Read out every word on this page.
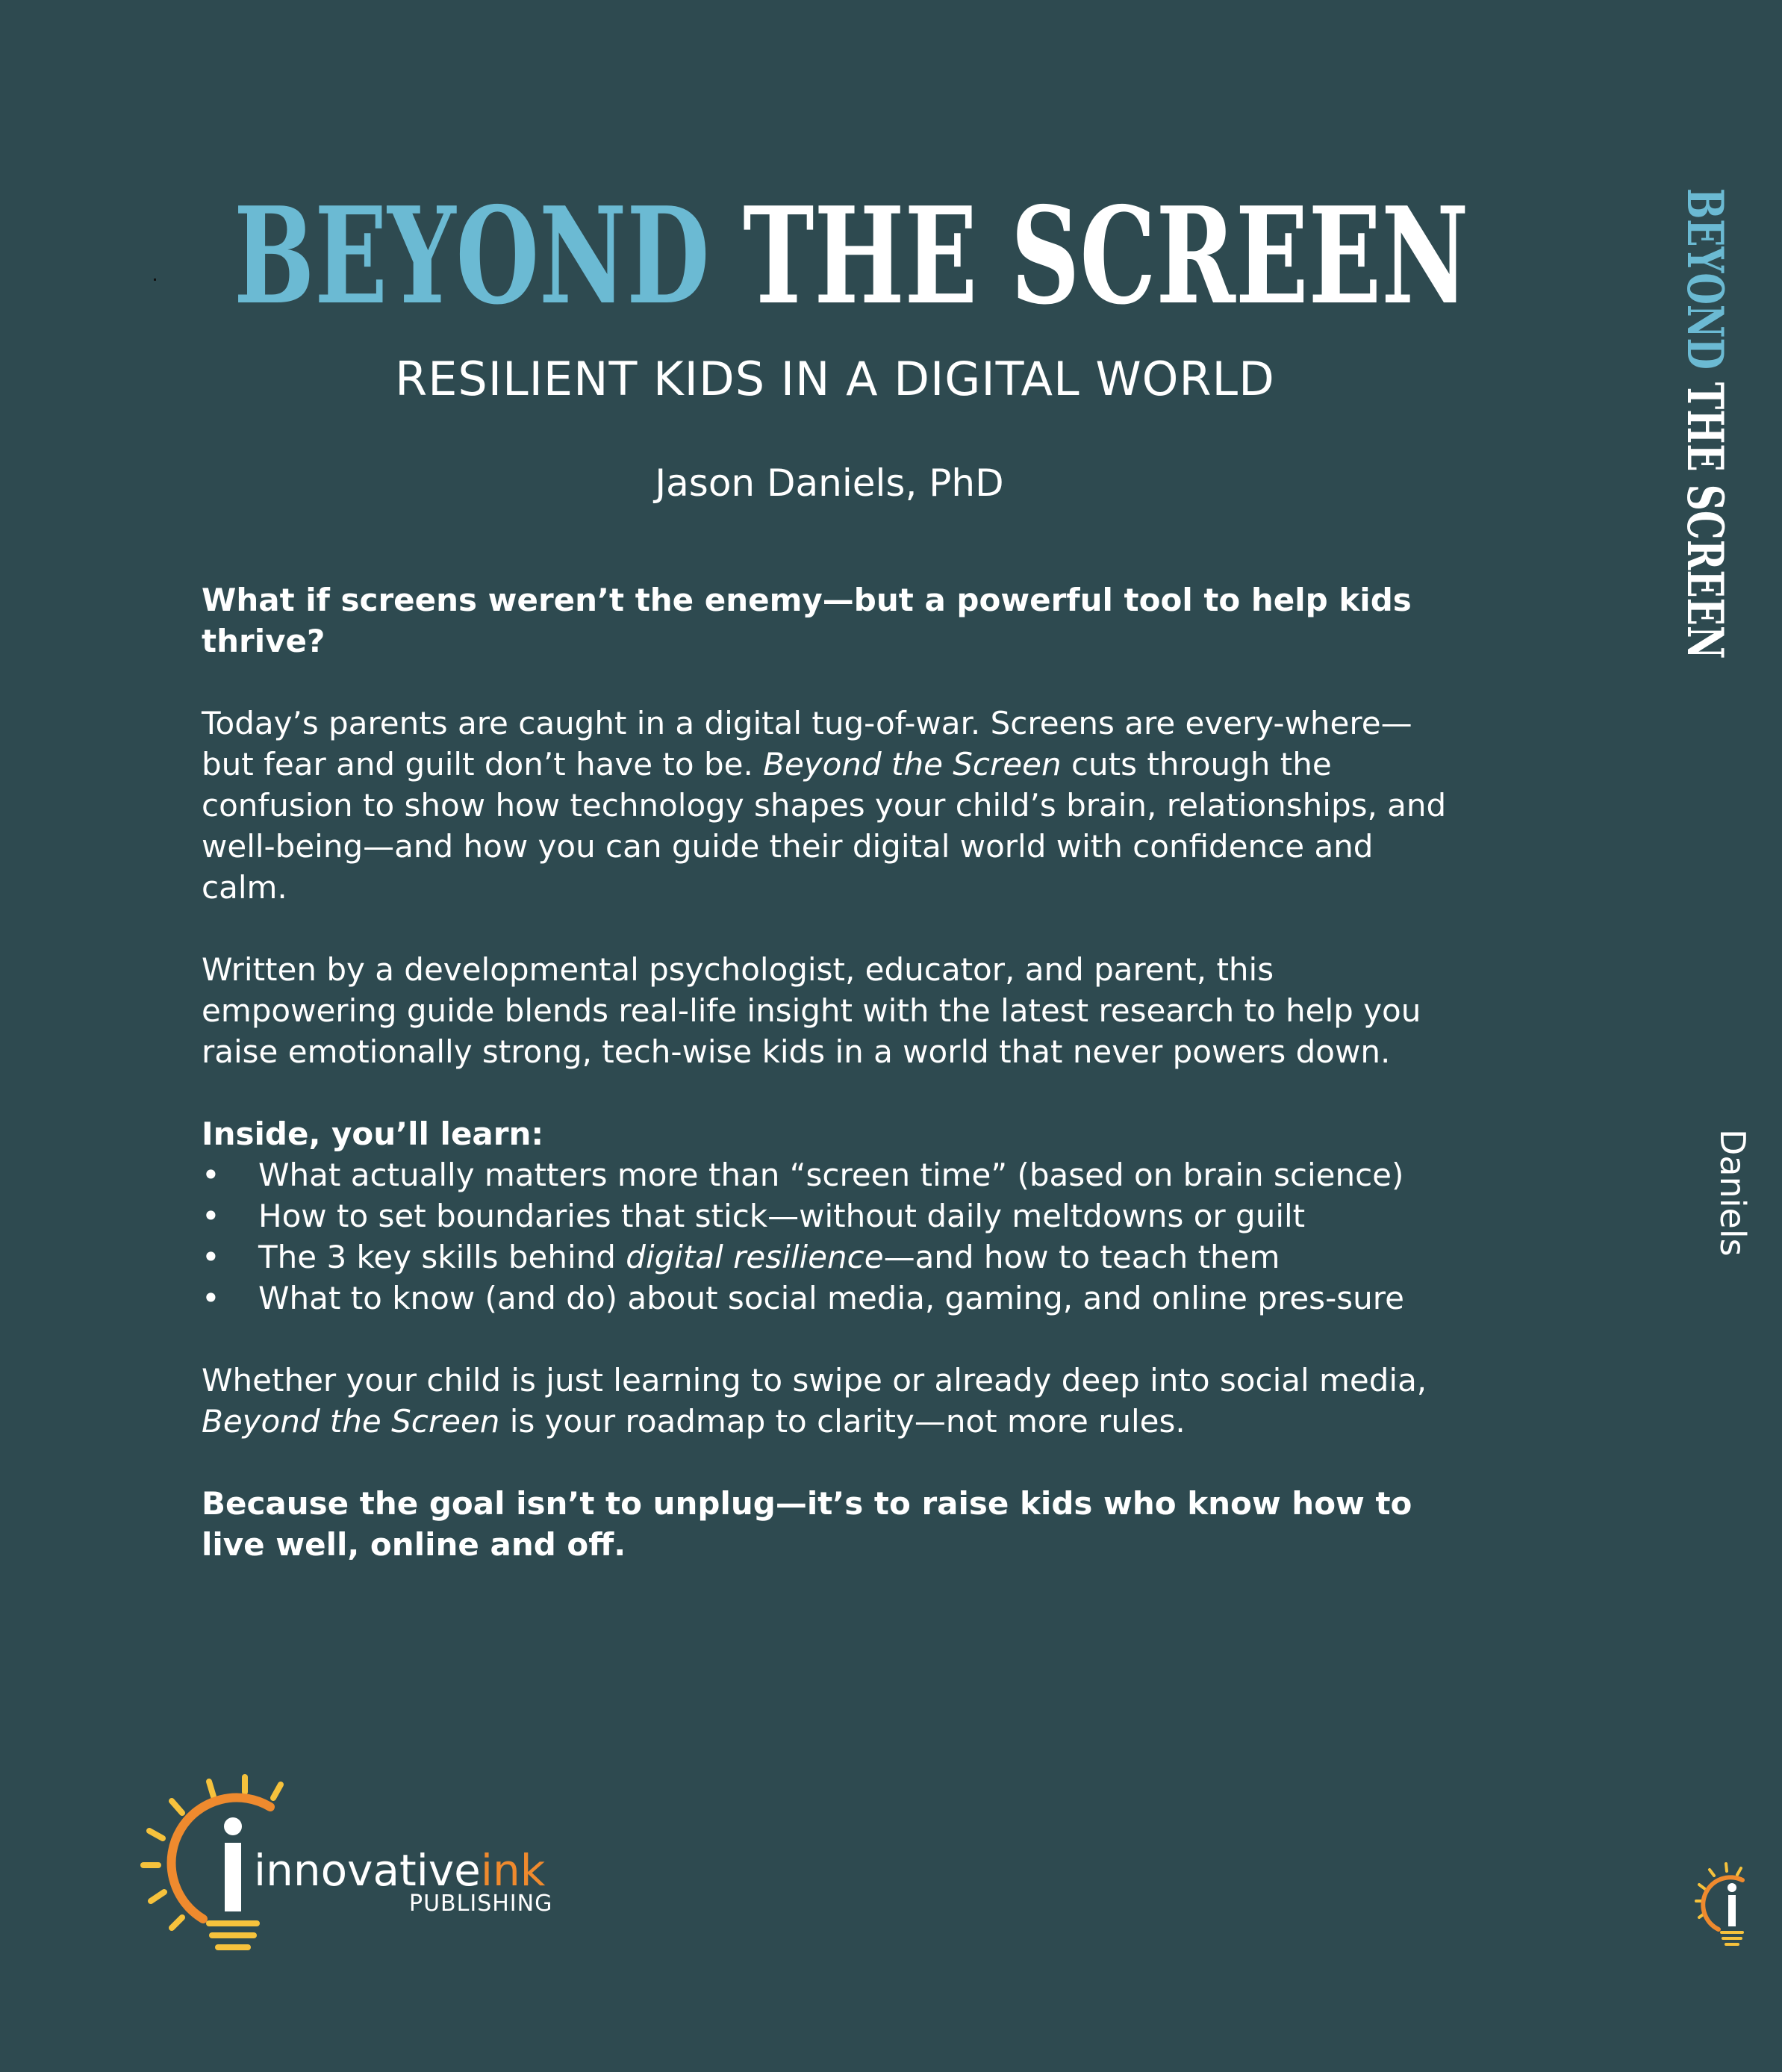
BEYOND THE SCREEN
RESILIENT KIDS IN A DIGITAL WORLD
Jason Daniels, PhD

What if screens weren’t the enemy—but a powerful tool to help kids thrive?

Today’s parents are caught in a digital tug-of-war. Screens are every-where—but fear and guilt don’t have to be. Beyond the Screen cuts through the confusion to show how technology shapes your child’s brain, relationships, and well-being—and how you can guide their digital world with confidence and calm.

Written by a developmental psychologist, educator, and parent, this empowering guide blends real-life insight with the latest research to help you raise emotionally strong, tech-wise kids in a world that never powers down.

Inside, you’ll learn:

•	What actually matters more than “screen time” (based on brain science)
•	How to set boundaries that stick—without daily meltdowns or guilt
•	The 3 key skills behind digital resilience—and how to teach them
•	What to know (and do) about social media, gaming, and online pres-sure

Whether your child is just learning to swipe or already deep into social media, Beyond the Screen is your roadmap to clarity—not more rules.

Because the goal isn’t to unplug—it’s to raise kids who know how to live well, online and off.

BEYOND THE SCREEN
Daniels
innovativeink
PUBLISHING
